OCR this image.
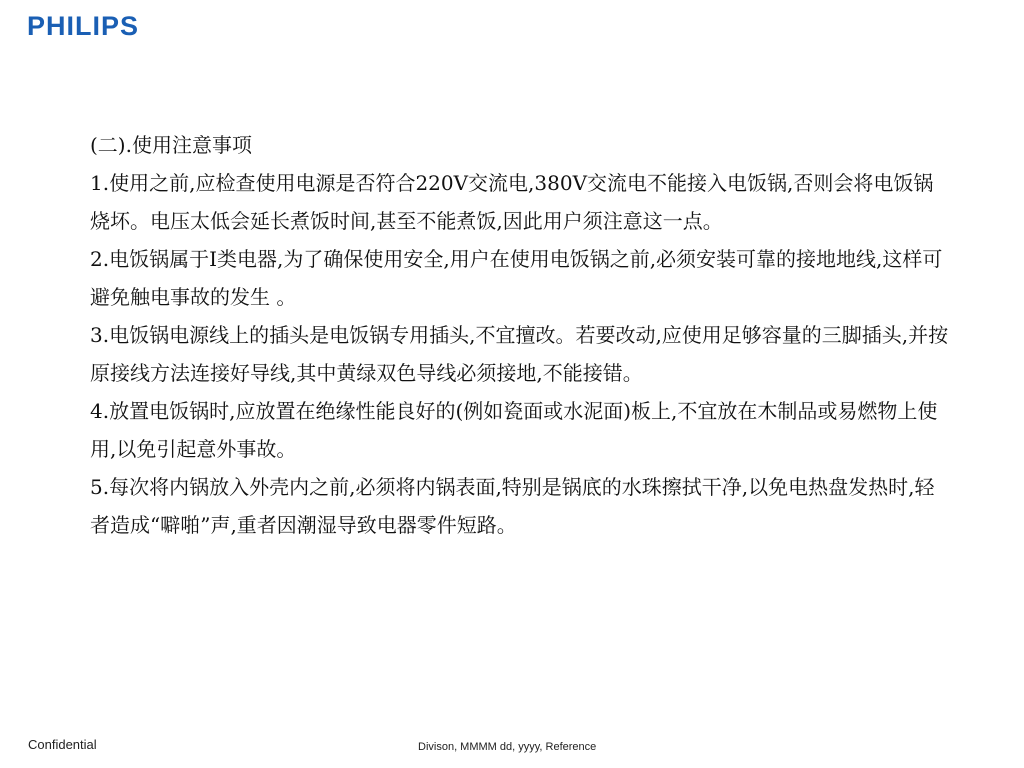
PHILIPS

(二).使用注意事项

1.使用之前,应检查使用电源是否符合220V交流电,380V交流电不能接入电饭锅,否则会将电饭锅烧坏。电压太低会延长煮饭时间,甚至不能煮饭,因此用户须注意这一点。

2.电饭锅属于I类电器,为了确保使用安全,用户在使用电饭锅之前,必须安装可靠的接地地线,这样可避免触电事故的发生 。

3.电饭锅电源线上的插头是电饭锅专用插头,不宜擅改。若要改动,应使用足够容量的三脚插头,并按原接线方法连接好导线,其中黄绿双色导线必须接地,不能接错。

4.放置电饭锅时,应放置在绝缘性能良好的(例如瓷面或水泥面)板上,不宜放在木制品或易燃物上使用,以免引起意外事故。

5.每次将内锅放入外壳内之前,必须将内锅表面,特别是锅底的水珠擦拭干净,以免电热盘发热时,轻者造成“噼啪”声,重者因潮湿导致电器零件短路。

Confidential	Divison, MMMM dd, yyyy, Reference
